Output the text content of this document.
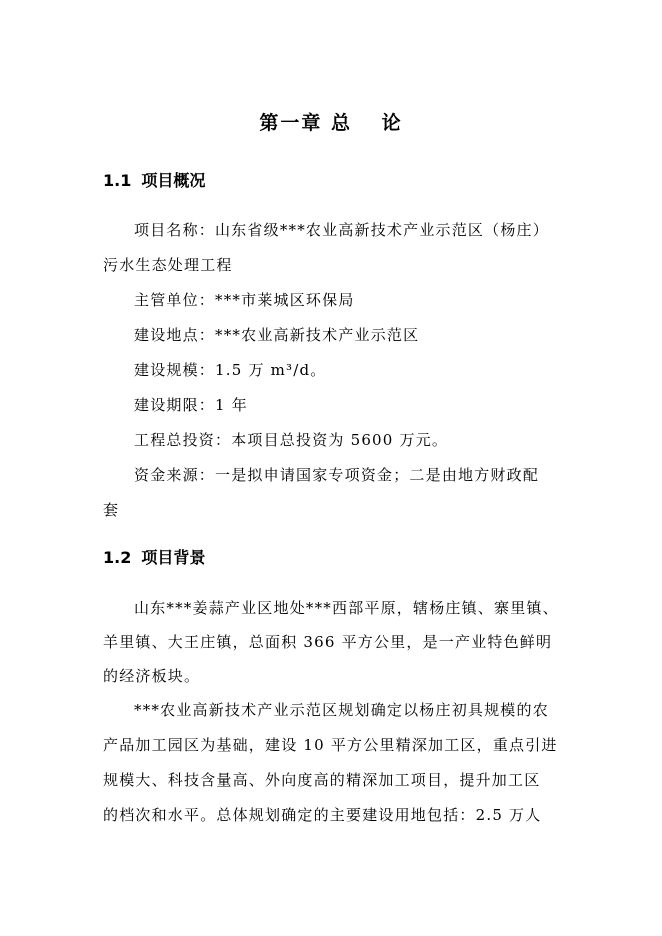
第一章 总　 论
1.1 项目概况
项目名称：山东省级***农业高新技术产业示范区（杨庄）
污水生态处理工程
主管单位：***市莱城区环保局
建设地点：***农业高新技术产业示范区
建设规模：1.5 万 m³/d。
建设期限：1 年
工程总投资：本项目总投资为 5600 万元。
资金来源：一是拟申请国家专项资金；二是由地方财政配
套
1.2 项目背景
山东***姜蒜产业区地处***西部平原，辖杨庄镇、寨里镇、
羊里镇、大王庄镇，总面积 366 平方公里，是一产业特色鲜明
的经济板块。
***农业高新技术产业示范区规划确定以杨庄初具规模的农
产品加工园区为基础，建设 10 平方公里精深加工区，重点引进
规模大、科技含量高、外向度高的精深加工项目，提升加工区
的档次和水平。总体规划确定的主要建设用地包括：2.5 万人
